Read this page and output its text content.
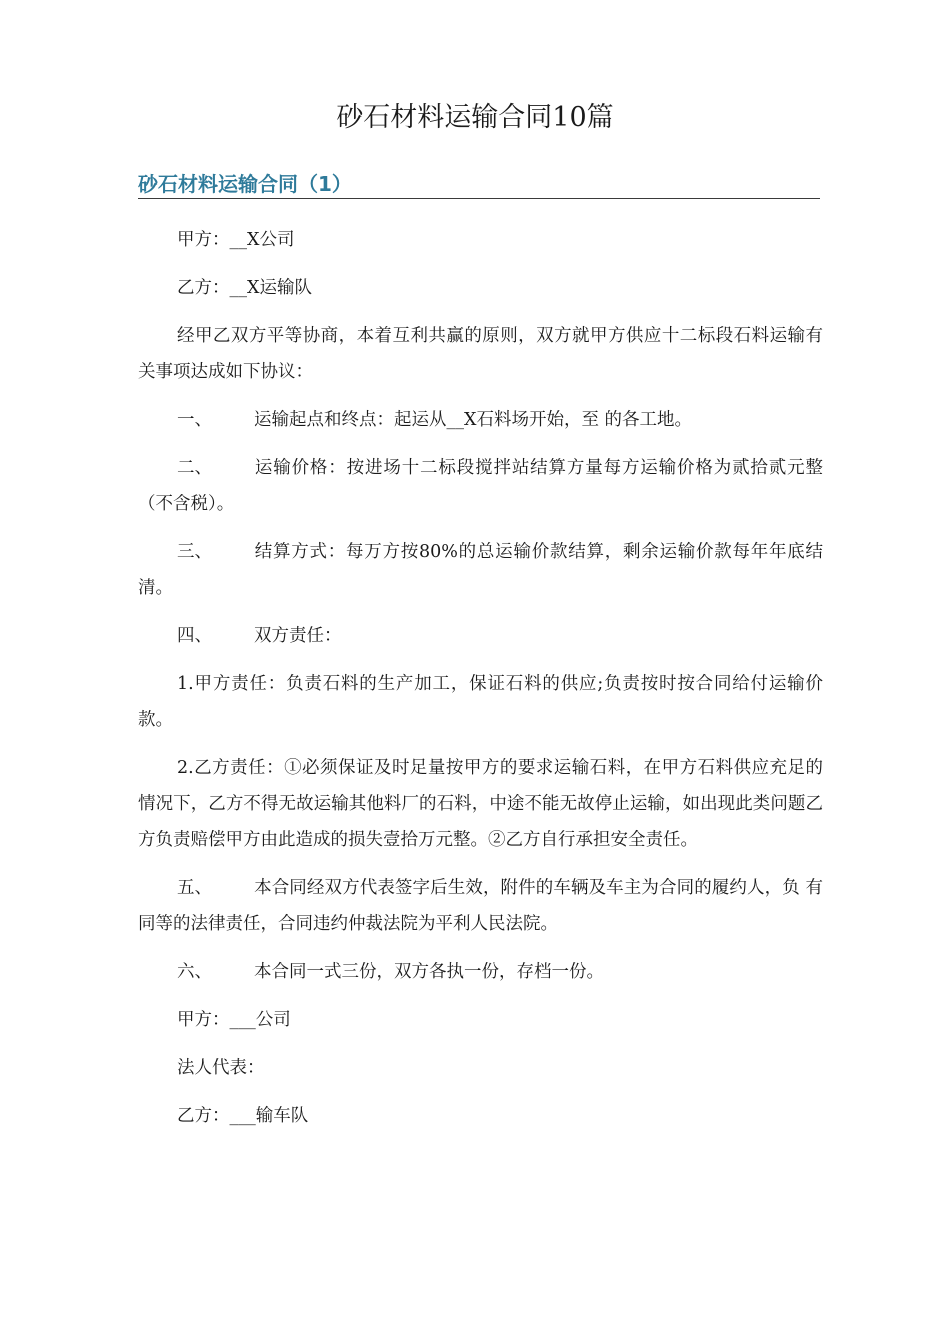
砂石材料运输合同10篇
砂石材料运输合同（1）

甲方：__X公司

乙方：__X运输队

经甲乙双方平等协商，本着互利共赢的原则，双方就甲方供应十二标段石料运输有关事项达成如下协议：

一、 运输起点和终点：起运从__X石料场开始，至 的各工地。

二、 运输价格：按进场十二标段搅拌站结算方量每方运输价格为贰拾贰元整 （不含税）。

三、 结算方式：每万方按80%的总运输价款结算，剩余运输价款每年年底结 清。

四、 双方责任：

1.甲方责任：负责石料的生产加工，保证石料的供应;负责按时按合同给付运输价款。

2.乙方责任：①必须保证及时足量按甲方的要求运输石料，在甲方石料供应充足的情况下，乙方不得无故运输其他料厂的石料，中途不能无故停止运输，如出现此类问题乙方负责赔偿甲方由此造成的损失壹拾万元整。②乙方自行承担安全责任。

五、 本合同经双方代表签字后生效，附件的车辆及车主为合同的履约人，负 有同等的法律责任，合同违约仲裁法院为平利人民法院。

六、 本合同一式三份，双方各执一份，存档一份。

甲方：___公司

法人代表：

乙方：___输车队
